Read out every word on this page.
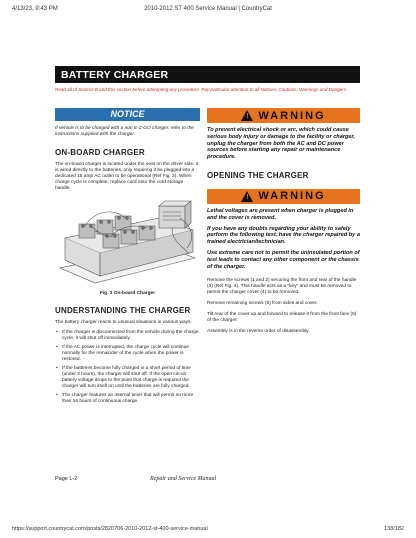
4/13/23, 9:43 PM	2010-2012 ST 400 Service Manual | CountryCat
BATTERY CHARGER
Read all of Section B and this section before attempting any procedure. Pay particular attention to all Notices, Cautions, Warnings and Dangers
NOTICE
If vehicle is to be charged with a non E-Z-GO charger, refer to the instructions supplied with the charger.
ON-BOARD CHARGER

The on-board charger is located under the seat on the driver side. It is wired directly to the batteries, only requiring it be plugged into a dedicated 15 amp AC outlet to be operational (Ref Fig. 3). When charge cycle is complete, replace cord onto the cord storage handle.

Fig. 3 On-board Charger
UNDERSTANDING THE CHARGER

The battery charger reacts to unusual situations in various ways.

• If the charger is disconnected from the vehicle during the charge cycle, it will shut off immediately.
• If the AC power is interrupted, the charge cycle will continue normally for the remainder of the cycle when the power is restored.
• If the batteries become fully charged in a short period of time (under 2 hours), the charger will shut off. If the open circuit battery voltage drops to the point that charge is required the charger will turn itself on until the batteries are fully charged.
• The charger features an internal timer that will permit no more than 16 hours of continuous charge.
! WARNING
To prevent electrical shock or arc, which could cause serious body injury or damage to the facility or charger, unplug the charger from both the AC and DC power sources before starting any repair or maintenance procedure.
OPENING THE CHARGER
! WARNING
Lethal voltages are present when charger is plugged in and the cover is removed.
If you have any doubts regarding your ability to safely perform the following test, have the charger repaired by a trained electrician/technician.
Use extreme care not to permit the uninsulated portion of test leads to contact any other component or the chassis of the charger.

Remove the screws (1 and 2) securing the front and rear of the handle (3) (Ref Fig. 4). This handle acts as a "key" and must be removed to permit the charger cover (4) to be removed.

Remove remaining screws (5) from sides and cover.

Tilt rear of the cover up and forward to release it from the front face (6) of the charger.

Assembly is in the reverse order of disassembly.

Page L-2	Repair and Service Manual
https://support.countrycat.com/posts/2820706-2010-2012-st-400-service-manual	138/182
